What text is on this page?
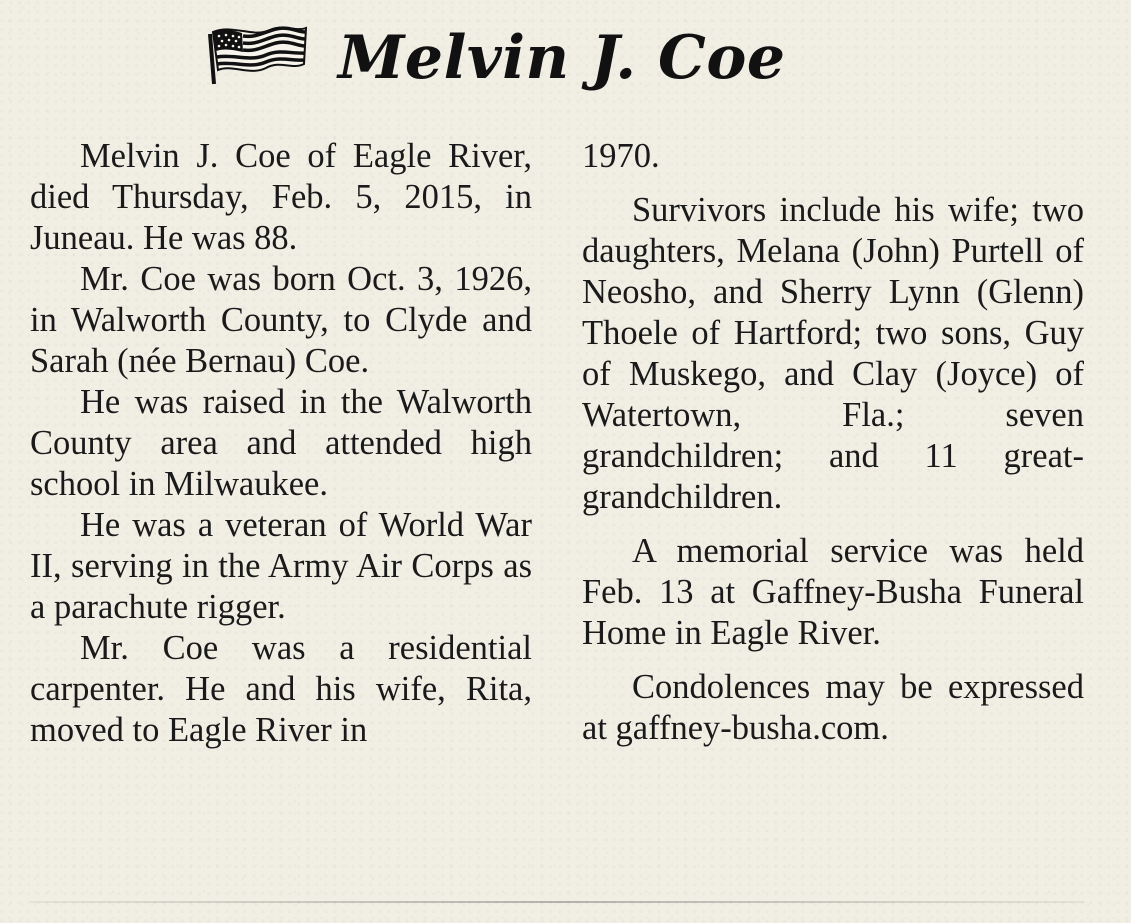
Melvin J. Coe

Melvin J. Coe of Eagle River, died Thursday, Feb. 5, 2015, in Juneau. He was 88.

Mr. Coe was born Oct. 3, 1926, in Walworth County, to Clyde and Sarah (née Bernau) Coe.

He was raised in the Walworth County area and attended high school in Milwaukee.

He was a veteran of World War II, serving in the Army Air Corps as a parachute rigger.

Mr. Coe was a residential carpenter. He and his wife, Rita, moved to Eagle River in

1970.

Survivors include his wife; two daughters, Melana (John) Purtell of Neosho, and Sherry Lynn (Glenn) Thoele of Hartford; two sons, Guy of Muskego, and Clay (Joyce) of Watertown, Fla.; seven grandchildren; and 11 great-grandchildren.

A memorial service was held Feb. 13 at Gaffney-Busha Funeral Home in Eagle River.

Condolences may be expressed at gaffney-busha.com.
